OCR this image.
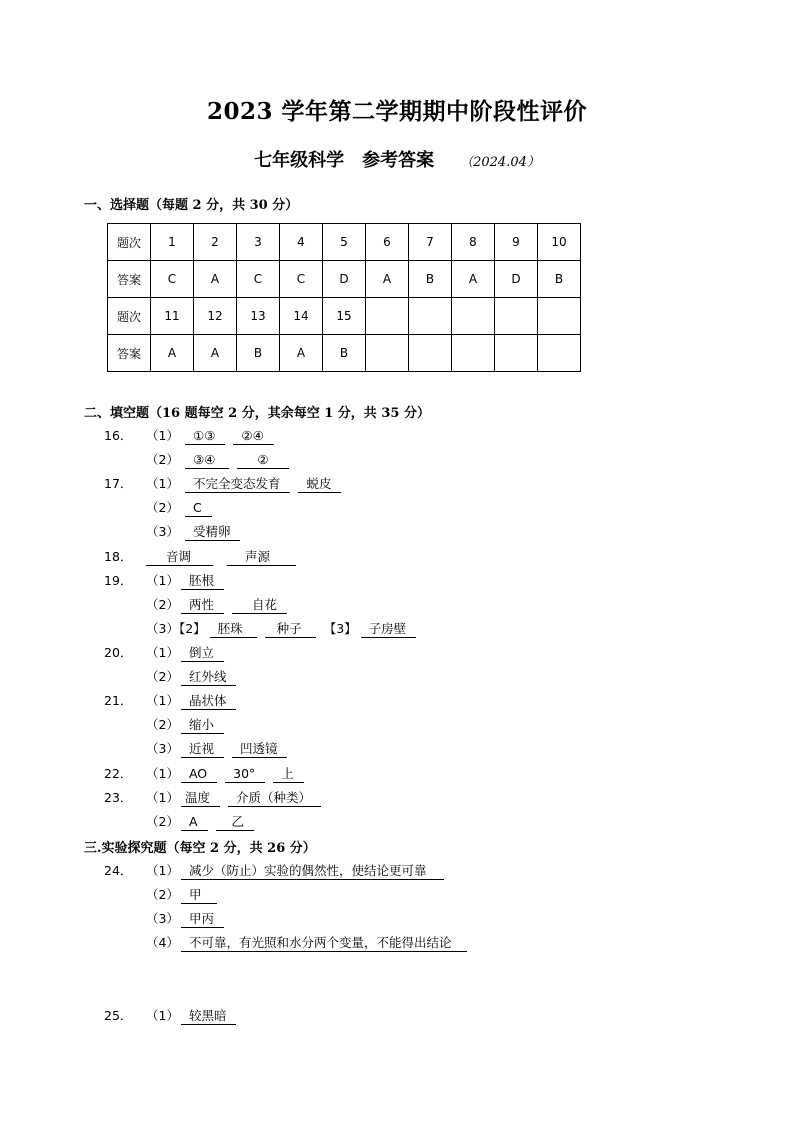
2023 学年第二学期期中阶段性评价
七年级科学 参考答案 （2024.04）
一、选择题（每题 2 分，共 30 分）
题次	1	2	3	4	5	6	7	8	9	10
答案	C	A	C	C	D	A	B	A	D	B
题次	11	12	13	14	15					
答案	A	A	B	A	B					
二、填空题（16 题每空 2 分，其余每空 1 分，共 35 分）
16． （1） ①③ ②④
（2） ③④	②
17． （1） 不完全变态发育 蜕皮
（2） C
（3） 受精卵
18．	音调	声源
19． （1） 胚根
（2） 两性	自花
（3）【2】 胚珠	种子 【3】 子房壁
20． （1） 倒立
（2） 红外线
21． （1） 晶状体
（2） 缩小
（3） 近视 凹透镜
22． （1） AO 30° 上
23． （1） 温度 介质（种类）
（2） A	乙
三.实验探究题（每空 2 分，共 26 分）
24． （1） 减少（防止）实验的偶然性，使结论更可靠
（2） 甲
（3） 甲丙
（4） 不可靠，有光照和水分两个变量，不能得出结论
25． （1） 较黑暗
